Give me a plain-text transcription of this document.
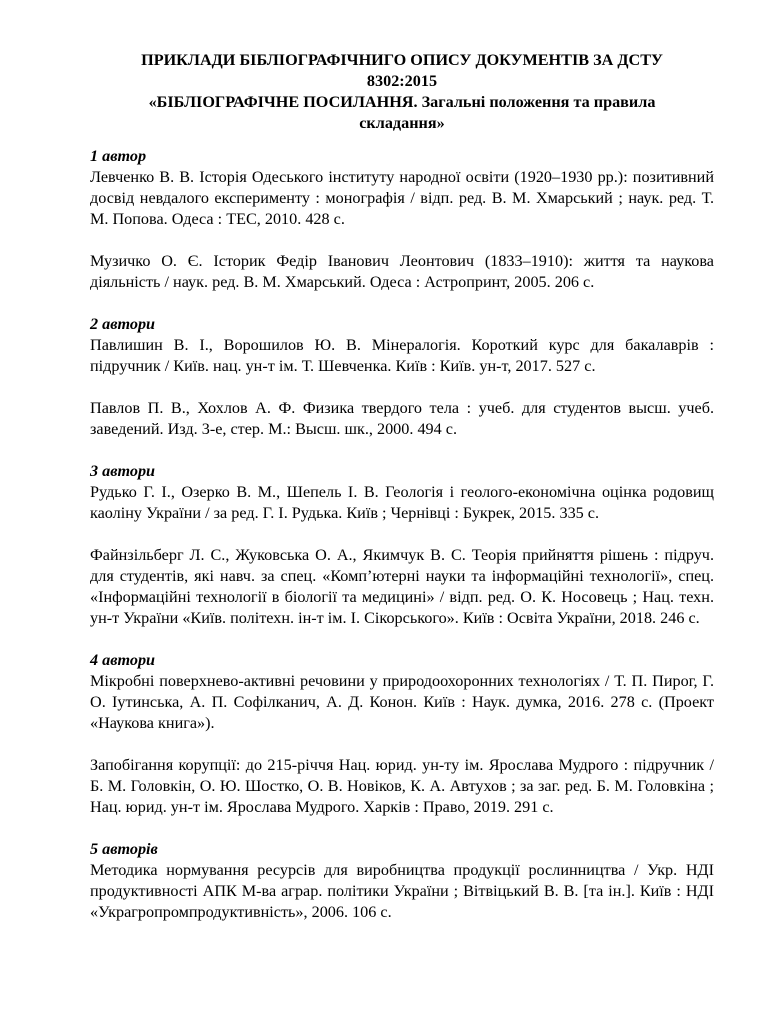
ПРИКЛАДИ БІБЛІОГРАФІЧНИГО ОПИСУ ДОКУМЕНТІВ ЗА ДСТУ
8302:2015
«БІБЛІОГРАФІЧНЕ ПОСИЛАННЯ. Загальні положення та правила
складання»
1 автор
Левченко В. В. Історія Одеського інституту народної освіти (1920–1930 рр.): позитивний досвід невдалого експерименту : монографія / відп. ред. В. М. Хмарський ; наук. ред. Т. М. Попова. Одеса : ТЕС, 2010. 428 с.
Музичко О. Є. Історик Федір Іванович Леонтович (1833–1910): життя та наукова діяльність / наук. ред. В. М. Хмарський. Одеса : Астропринт, 2005. 206 с.
2 автори
Павлишин В. І., Ворошилов Ю. В. Мінералогія. Короткий курс для бакалаврів : підручник / Київ. нац. ун-т ім. Т. Шевченка. Київ : Київ. ун-т, 2017. 527 с.
Павлов П. В., Хохлов А. Ф. Физика твердого тела : учеб. для студентов высш. учеб. заведений. Изд. 3-е, стер. М.: Высш. шк., 2000. 494 с.
3 автори
Рудько Г. І., Озерко В. М., Шепель І. В. Геологія і геолого-економічна оцінка родовищ каоліну України / за ред. Г. І. Рудька. Київ ; Чернівці : Букрек, 2015. 335 с.
Файнзільберг Л. С., Жуковська О. А., Якимчук В. С. Теорія прийняття рішень : підруч. для студентів, які навч. за спец. «Комп’ютерні науки та інформаційні технології», спец. «Інформаційні технології в біології та медицині» / відп. ред. О. К. Носовець ; Нац. техн. ун-т України «Київ. політехн. ін-т ім. І. Сікорського». Київ : Освіта України, 2018. 246 с.
4 автори
Мікробні поверхнево-активні речовини у природоохоронних технологіях / Т. П. Пирог, Г. О. Іутинська, А. П. Софілканич, А. Д. Конон. Київ : Наук. думка, 2016. 278 с. (Проект «Наукова книга»).
Запобігання корупції: до 215-річчя Нац. юрид. ун-ту ім. Ярослава Мудрого : підручник / Б. М. Головкін, О. Ю. Шостко, О. В. Новіков, К. А. Автухов ; за заг. ред. Б. М. Головкіна ; Нац. юрид. ун-т ім. Ярослава Мудрого. Харків : Право, 2019. 291 с.
5 авторів
Методика нормування ресурсів для виробництва продукції рослинництва / Укр. НДІ продуктивності АПК М-ва аграр. політики України ; Вітвіцький В. В. [та ін.]. Київ : НДІ «Украгропромпродуктивність», 2006. 106 с.
